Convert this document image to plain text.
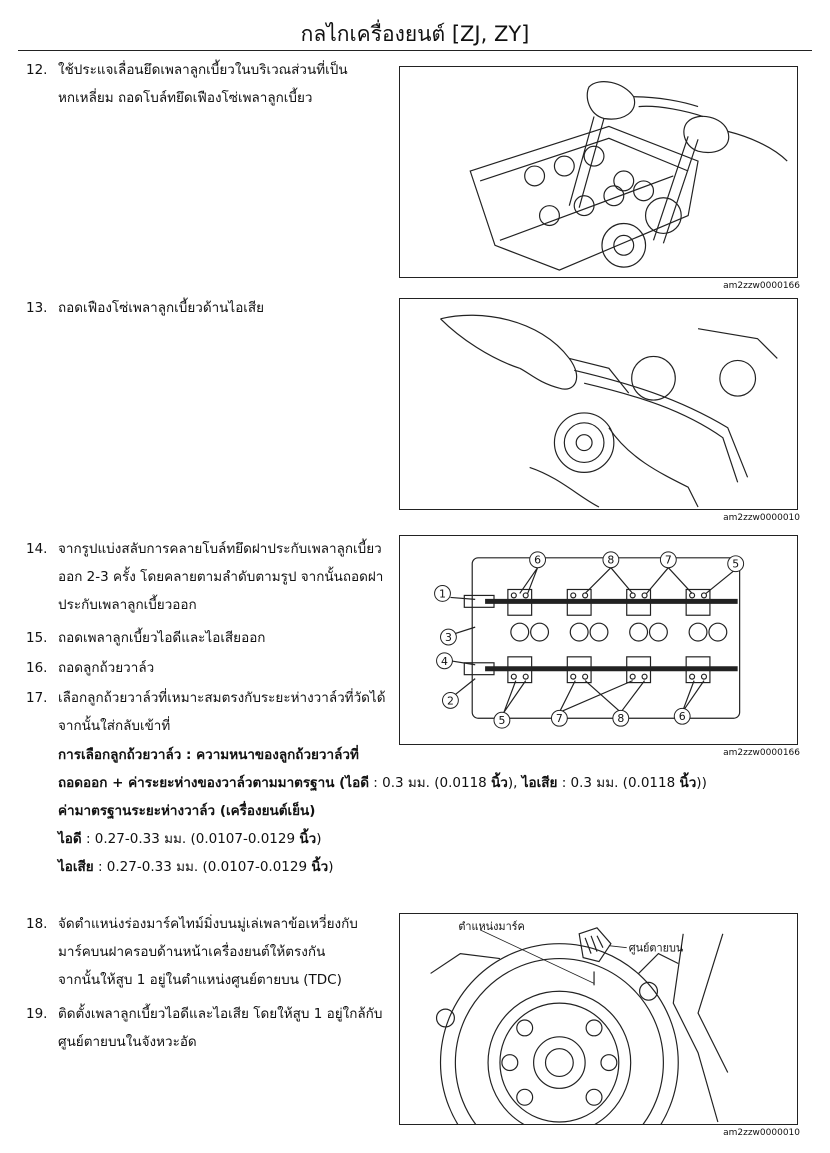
กลไกเครื่องยนต์ [ZJ, ZY]
12. ใช้ประแจเลื่อนยึดเพลาลูกเบี้ยวในบริเวณส่วนที่เป็น
หกเหลี่ยม ถอดโบล์ทยึดเฟืองโซ่เพลาลูกเบี้ยว
13. ถอดเฟืองโซ่เพลาลูกเบี้ยวด้านไอเสีย
14. จากรูปแบ่งสลับการคลายโบล์ทยึดฝาประกับเพลาลูกเบี้ยว
ออก 2-3 ครั้ง โดยคลายตามลำดับตามรูป จากนั้นถอดฝา
ประกับเพลาลูกเบี้ยวออก
15. ถอดเพลาลูกเบี้ยวไอดีและไอเสียออก
16. ถอดลูกถ้วยวาล์ว
17. เลือกลูกถ้วยวาล์วที่เหมาะสมตรงกับระยะห่างวาล์วที่วัดได้
จากนั้นใส่กลับเข้าที่
การเลือกลูกถ้วยวาล์ว : ความหนาของลูกถ้วยวาล์วที่
ถอดออก + ค่าระยะห่างของวาล์วตามมาตรฐาน (ไอดี : 0.3 มม. (0.0118 นิ้ว), ไอเสีย : 0.3 มม. (0.0118 นิ้ว))
ค่ามาตรฐานระยะห่างวาล์ว (เครื่องยนต์เย็น)
ไอดี : 0.27-0.33 มม. (0.0107-0.0129 นิ้ว)
ไอเสีย : 0.27-0.33 มม. (0.0107-0.0129 นิ้ว)
18. จัดตำแหน่งร่องมาร์คไทม์มิ่งบนมู่เล่เพลาข้อเหวี่ยงกับ
มาร์คบนฝาครอบด้านหน้าเครื่องยนต์ให้ตรงกัน
จากนั้นให้สูบ 1 อยู่ในตำแหน่งศูนย์ตายบน (TDC)
19. ติดตั้งเพลาลูกเบี้ยวไอดีและไอเสีย โดยให้สูบ 1 อยู่ใกล้กับ
ศูนย์ตายบนในจังหวะอัด
am2zzw0000166
am2zzw0000010
1
2
3
4
5
5
6
6
7
7
8
8
am2zzw0000166
ตำแหน่งมาร์ค
ศูนย์ตายบน
am2zzw0000010
